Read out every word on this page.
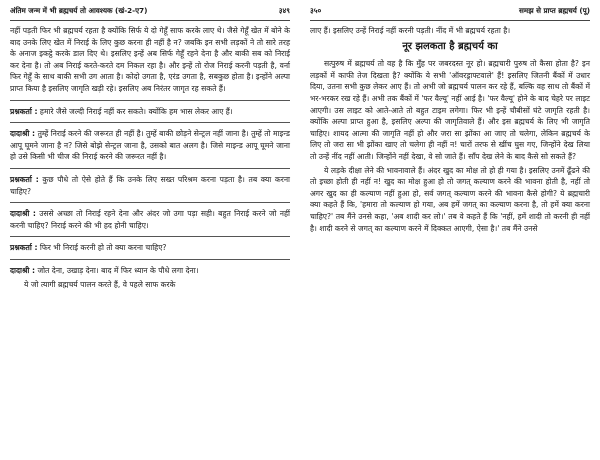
अंतिम जन्म में भी ब्रह्मचर्य तो आवश्यक (खं-2-ए7)	३४९

नहीं पड़ती फिर भी ब्रह्मचर्य रहता है क्योंकि सिर्फ ये दो गेहूँ साफ करके लाए थे। जैसे गेहूँ खेत में बोने के बाद उनके लिए खेत में निराई के लिए कुछ करना ही नहीं है न? जबकि इन सभी लड़कों ने तो सारे तरह के अनाज इकट्ठे करके डाल दिए थे। इसलिए इन्हें अब सिर्फ गेहूँ रहने देना है और बाकी सब को निराई कर देना है। तो अब निराई करते-करते दम निकल रहा है। और इन्हें तो रोज निराई करनी पड़ती है, वर्ना फिर गेहूँ के साथ बाकी सभी उग आता है। कोदो उगता है, एरंड उगता है, सबकुछ होता है। इन्होंने अल्पा प्राप्त किया है इसलिए जागृति खड़ी रहे। इसलिए अब निरंतर जागृत रह सकते हैं।

प्रश्नकर्ता : हमारे जैसे जल्दी निराई नहीं कर सकते। क्योंकि हम भास लेकर आए हैं।

दादाश्री : तुम्हें निराई करने की जरूरत ही नहीं है। तुम्हें बाकी छोड़ने सेन्ट्रल नहीं जाना है। तुम्हें तो माइन्ड आपू घूमने जाना है न? जिसे बोझे सेन्ट्रल जाना है, उसको बात अलग है। जिसे माइन्ड आपू घूमने जाना हो उसे किसी भी चीज की निराई करने की जरूरत नहीं है।

प्रश्नकर्ता : कुछ पौधे तो ऐसे होते हैं कि उनके लिए सख्त परिश्रम करना पड़ता है। तब क्या करना चाहिए?

दादाश्री : उससे अच्छा तो निराई रहने देना और अंदर जो उगा पड़ा सही। बहुत निराई करने जो नहीं करनी चाहिए? निराई करने की भी हद होनी चाहिए।

प्रश्नकर्ता : फिर भी निराई करनी हो तो क्या करना चाहिए?

दादाश्री : जोत देना, उखाड़ देना। बाद में फिर ध्यान के पौधे लगा देना।

ये जो त्यागी ब्रह्मचर्य पालन करते हैं, वे पहले साफ करके

३५०	समझ से प्राप्त ब्रह्मचर्य (पू)

लाए हैं। इसलिए उन्हें निराई नहीं करनी पड़ती। नींद में भी ब्रह्मचर्य रहता है।

नूर झलकता है ब्रह्मचर्य का

सत्पुरुष में ब्रह्मचर्य तो वह है कि मुँह पर जबरदस्त नूर हो। ब्रह्मचारी पुरुष तो कैसा होता है? इन लड़कों में काफी तेज दिखता है? क्योंकि ये सभी 'ऑवरड्राफ्टवाले' हैं! इसलिए जितनी बैंकों में उधार दिया, उतना सभी कुछ लेकर आए हैं। तो अभी जो ब्रह्मचर्य पालन कर रहे हैं, बल्कि वह साथ तो बैंकों में भर-भरकर रख रहे हैं। अभी तक बैंकों में 'फर वैल्यू' नहीं आई है। 'फर वैल्यू' होने के बाद चेहरे पर लाइट आएगी। उस लाइट को आते-आते तो बहुत टाइम लगेगा। फिर भी इन्हें चौबीसों घंटे जागृति रहती है। क्योंकि अल्पा प्राप्त हुआ है, इसलिए अल्पा की जागृतिवाले हैं। और इस ब्रह्मचर्य के लिए भी जागृति चाहिए। शायद आत्मा की जागृति नहीं हो और जरा सा झोंका आ जाए तो चलेगा, लेकिन ब्रह्मचर्य के लिए तो जरा सा भी झोंका खाए तो चलेगा ही नहीं न! चारों तरफ से खींच घुस गए, जिन्होंने देख लिया तो उन्हें नींद नहीं आती। जिन्होंने नहीं देखा, वे सो जाते हैं। साँप देख लेने के बाद कैसे सो सकते हैं?

ये लड़के दीक्षा लेने की भावनावाले हैं। अंदर खुद का मोक्ष तो हो ही गया है। इसलिए उनमें ढूँढने की तो इच्छा होती ही नहीं न! खुद का मोक्ष हुआ हो तो जगत् कल्याण करने की भावना होती है, नहीं तो अगर खुद का ही कल्याण नहीं हुआ हो, सर्व जगत् कल्याण करने की भावना कैसे होगी? ये ब्रह्मचारी क्या कहते हैं कि, 'हमारा तो कल्याण हो गया, अब हमें जगत् का कल्याण करना है, तो हमें क्या करना चाहिए?' तब मैंने उनसे कहा, 'अब शादी कर लो।' तब वे कहते हैं कि 'नहीं, हमें शादी तो करनी ही नहीं है। शादी करने से जगत् का कल्याण करने में दिक्कत आएगी, ऐसा है।' तब मैंने उनसे
